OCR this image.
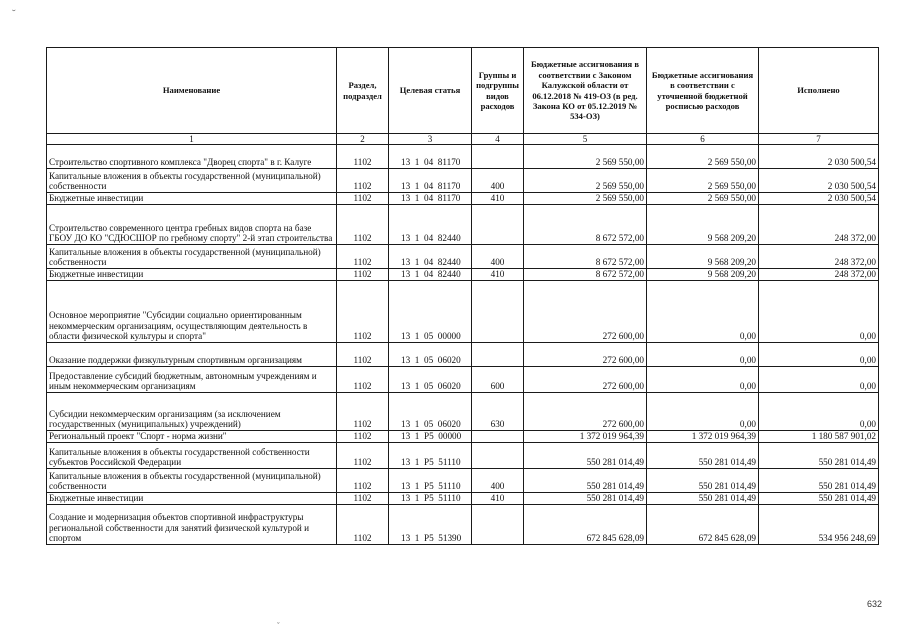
˘
ˇ
Наименование	Раздел, подраздел	Целевая статья	Группы и подгруппы видов расходов	Бюджетные ассигнования в соответствии с Законом Калужской области от 06.12.2018 № 419-ОЗ (в ред. Закона КО от 05.12.2019 № 534-ОЗ)	Бюджетные ассигнования в соответствии с уточненной бюджетной росписью расходов	Исполнено
1	2	3	4	5	6	7
Строительство спортивного комплекса "Дворец спорта" в г. Калуге	1102	13  1  04  81170		2 569 550,00	2 569 550,00	2 030 500,54
Капитальные вложения в объекты государственной (муниципальной) собственности	1102	13  1  04  81170	400	2 569 550,00	2 569 550,00	2 030 500,54
Бюджетные инвестиции	1102	13  1  04  81170	410	2 569 550,00	2 569 550,00	2 030 500,54
Строительство современного центра гребных видов спорта на базе ГБОУ ДО КО "СДЮСШОР по гребному спорту" 2-й этап строительства	1102	13  1  04  82440		8 672 572,00	9 568 209,20	248 372,00
Капитальные вложения в объекты государственной (муниципальной) собственности	1102	13  1  04  82440	400	8 672 572,00	9 568 209,20	248 372,00
Бюджетные инвестиции	1102	13  1  04  82440	410	8 672 572,00	9 568 209,20	248 372,00
Основное мероприятие "Субсидии социально ориентированным некоммерческим организациям, осуществляющим деятельность в области физической культуры и спорта"	1102	13  1  05  00000		272 600,00	0,00	0,00
Оказание поддержки физкультурным спортивным организациям	1102	13  1  05  06020		272 600,00	0,00	0,00
Предоставление субсидий бюджетным, автономным учреждениям и иным некоммерческим организациям	1102	13  1  05  06020	600	272 600,00	0,00	0,00
Субсидии некоммерческим организациям (за исключением государственных (муниципальных) учреждений)	1102	13  1  05  06020	630	272 600,00	0,00	0,00
Региональный проект "Спорт - норма жизни"	1102	13  1  P5  00000		1 372 019 964,39	1 372 019 964,39	1 180 587 901,02
Капитальные вложения в объекты государственной собственности субъектов Российской Федерации	1102	13  1  P5  51110		550 281 014,49	550 281 014,49	550 281 014,49
Капитальные вложения в объекты государственной (муниципальной) собственности	1102	13  1  P5  51110	400	550 281 014,49	550 281 014,49	550 281 014,49
Бюджетные инвестиции	1102	13  1  P5  51110	410	550 281 014,49	550 281 014,49	550 281 014,49
Создание и модернизация объектов спортивной инфраструктуры региональной собственности для занятий физической культурой и спортом	1102	13  1  P5  51390		672 845 628,09	672 845 628,09	534 956 248,69
632
